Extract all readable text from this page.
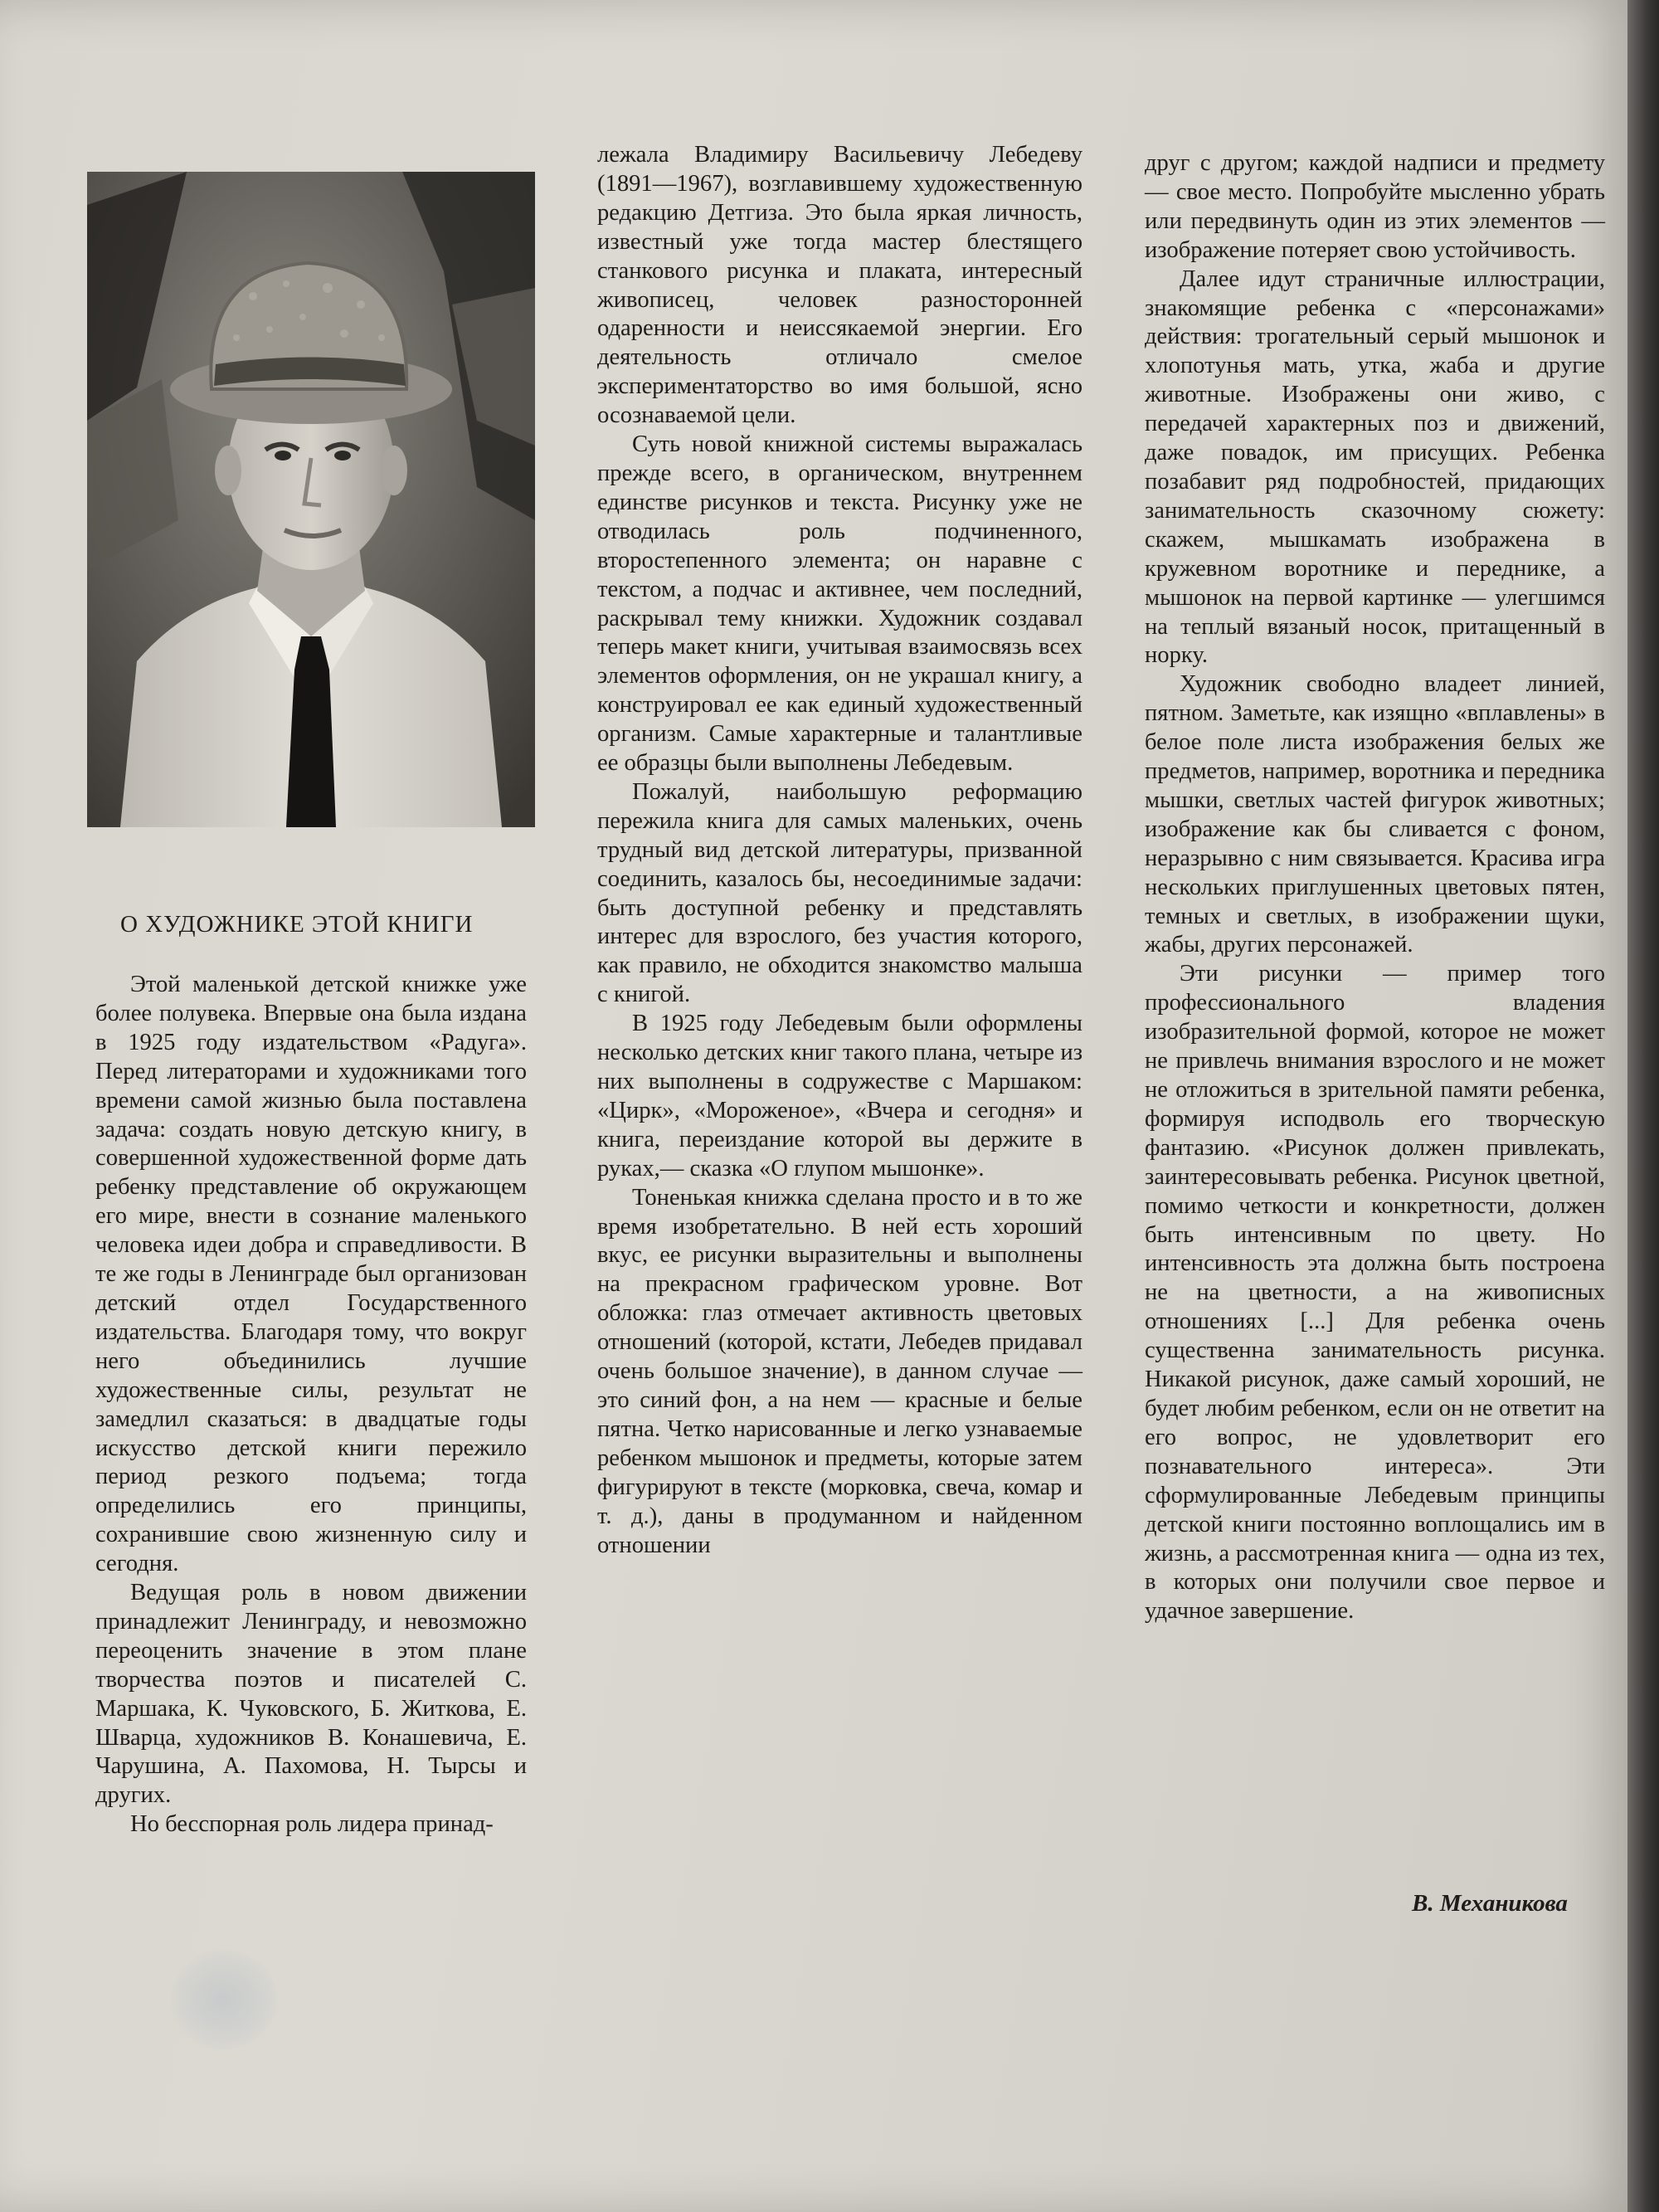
О ХУДОЖНИКЕ ЭТОЙ КНИГИ

Этой маленькой детской книжке уже более полувека. Впервые она была издана в 1925 году издательством «Радуга». Перед литераторами и художниками того времени самой жизнью была поставлена задача: создать новую детскую книгу, в совершенной художественной форме дать ребенку представление об окружающем его мире, внести в сознание маленького человека идеи добра и справедливости. В те же годы в Ленинграде был организован детский отдел Государственного издательства. Благодаря тому, что вокруг него объединились лучшие художественные силы, результат не замедлил сказаться: в двадцатые годы искусство детской книги пережило период резкого подъема; тогда определились его принципы, сохранившие свою жизненную силу и сегодня.

Ведущая роль в новом движении принадлежит Ленинграду, и невозможно переоценить значение в этом плане творчества поэтов и писателей С. Маршака, К. Чуковского, Б. Житкова, Е. Шварца, художников В. Конашевича, Е. Чарушина, А. Пахомова, Н. Тырсы и других.

Но бесспорная роль лидера принад-

лежала Владимиру Васильевичу Лебедеву (1891—1967), возглавившему художественную редакцию Детгиза. Это была яркая личность, известный уже тогда мастер блестящего станкового рисунка и плаката, интересный живописец, человек разносторонней одаренности и неиссякаемой энергии. Его деятельность отличало смелое экспериментаторство во имя большой, ясно осознаваемой цели.

Суть новой книжной системы выражалась прежде всего, в органическом, внутреннем единстве рисунков и текста. Рисунку уже не отводилась роль подчиненного, второстепенного элемента; он наравне с текстом, а подчас и активнее, чем последний, раскрывал тему книжки. Художник создавал теперь макет книги, учитывая взаимосвязь всех элементов оформления, он не украшал книгу, а конструировал ее как единый художественный организм. Самые характерные и талантливые ее образцы были выполнены Лебедевым.

Пожалуй, наибольшую реформацию пережила книга для самых маленьких, очень трудный вид детской литературы, призванной соединить, казалось бы, несоединимые задачи: быть доступной ребенку и представлять интерес для взрослого, без участия которого, как правило, не обходится знакомство малыша с книгой.

В 1925 году Лебедевым были оформлены несколько детских книг такого плана, четыре из них выполнены в содружестве с Маршаком: «Цирк», «Мороженое», «Вчера и сегодня» и книга, переиздание которой вы держите в руках,— сказка «О глупом мышонке».

Тоненькая книжка сделана просто и в то же время изобретательно. В ней есть хороший вкус, ее рисунки выразительны и выполнены на прекрасном графическом уровне. Вот обложка: глаз отмечает активность цветовых отношений (которой, кстати, Лебедев придавал очень большое значение), в данном случае — это синий фон, а на нем — красные и белые пятна. Четко нарисованные и легко узнаваемые ребенком мышонок и предметы, которые затем фигурируют в тексте (морковка, свеча, комар и т. д.), даны в продуманном и найденном отношении

друг с другом; каждой надписи и предмету — свое место. Попробуйте мысленно убрать или передвинуть один из этих элементов — изображение потеряет свою устойчивость.

Далее идут страничные иллюстрации, знакомящие ребенка с «персонажами» действия: трогательный серый мышонок и хлопотунья мать, утка, жаба и другие животные. Изображены они живо, с передачей характерных поз и движений, даже повадок, им присущих. Ребенка позабавит ряд подробностей, придающих занимательность сказочному сюжету: скажем, мышкамать изображена в кружевном воротнике и переднике, а мышонок на первой картинке — улегшимся на теплый вязаный носок, притащенный в норку.

Художник свободно владеет линией, пятном. Заметьте, как изящно «вплавлены» в белое поле листа изображения белых же предметов, например, воротника и передника мышки, светлых частей фигурок животных; изображение как бы сливается с фоном, неразрывно с ним связывается. Красива игра нескольких приглушенных цветовых пятен, темных и светлых, в изображении щуки, жабы, других персонажей.

Эти рисунки — пример того профессионального владения изобразительной формой, которое не может не привлечь внимания взрослого и не может не отложиться в зрительной памяти ребенка, формируя исподволь его творческую фантазию. «Рисунок должен привлекать, заинтересовывать ребенка. Рисунок цветной, помимо четкости и конкретности, должен быть интенсивным по цвету. Но интенсивность эта должна быть построена не на цветности, а на живописных отношениях [...] Для ребенка очень существенна занимательность рисунка. Никакой рисунок, даже самый хороший, не будет любим ребенком, если он не ответит на его вопрос, не удовлетворит его познавательного интереса». Эти сформулированные Лебедевым принципы детской книги постоянно воплощались им в жизнь, а рассмотренная книга — одна из тех, в которых они получили свое первое и удачное завершение.

В. Механикова
